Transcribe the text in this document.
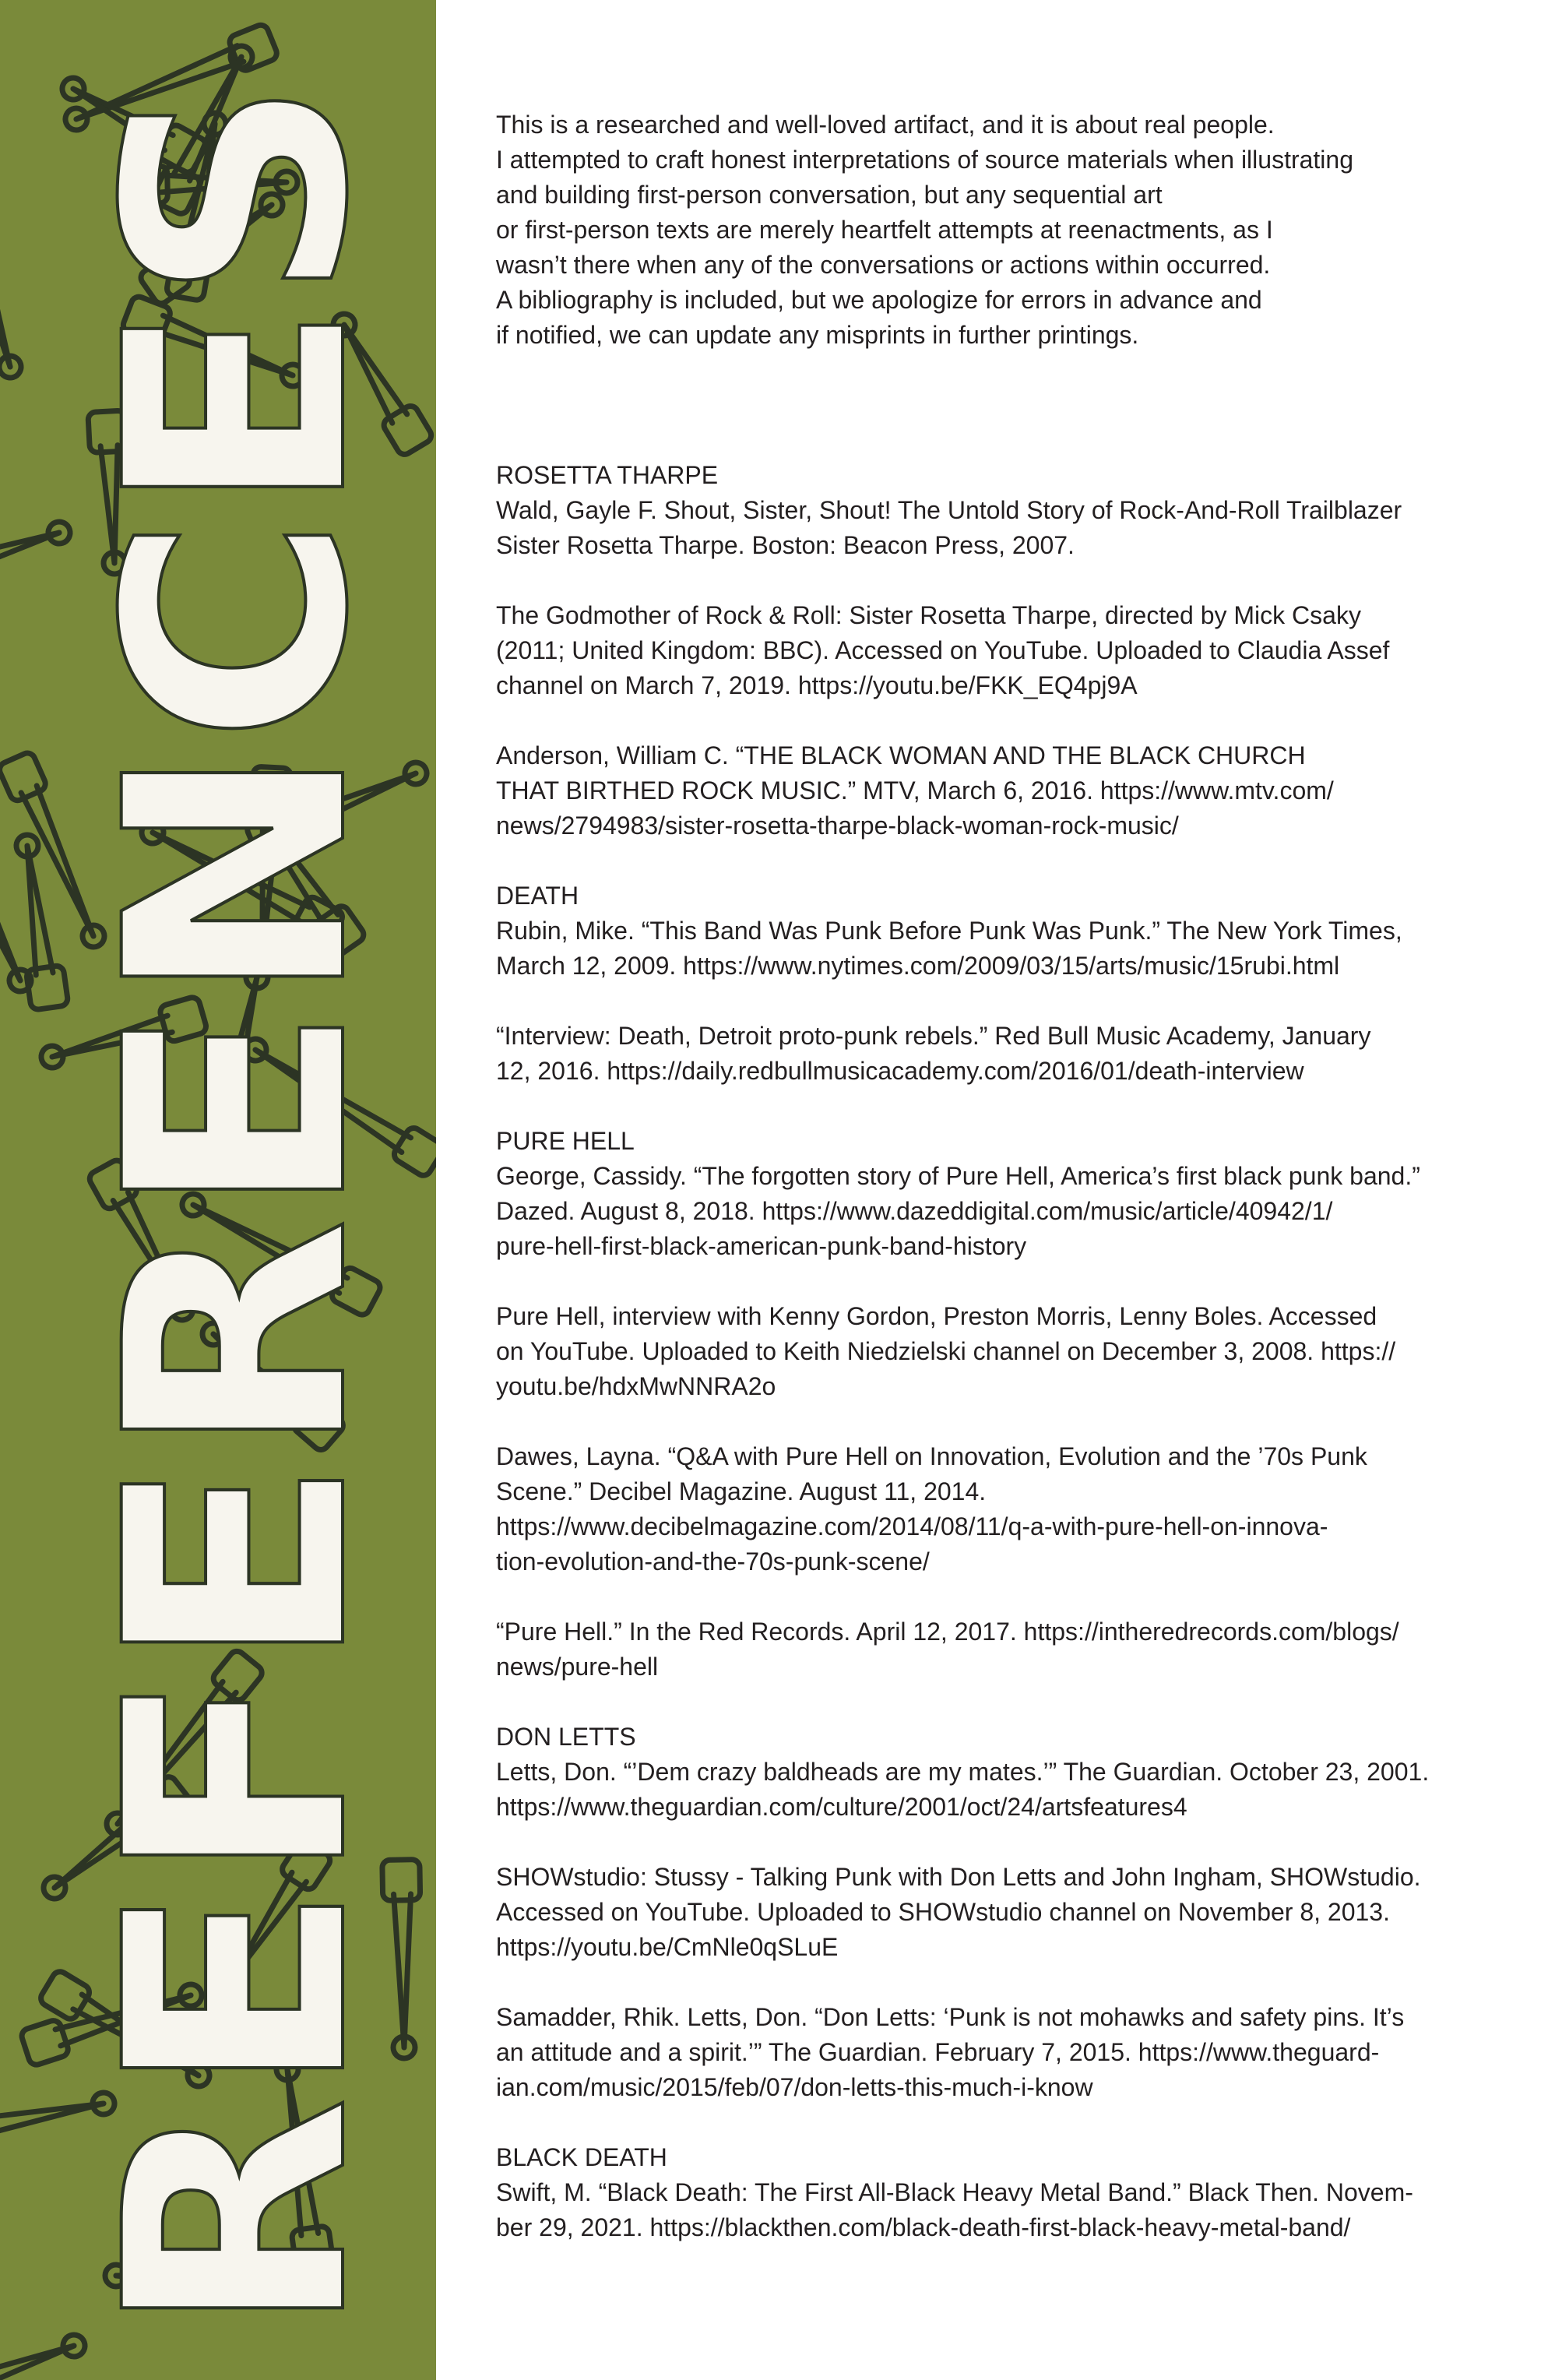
REFERENCES

This is a researched and well-loved artifact, and it is about real people.

I attempted to craft honest interpretations of source materials when illustrating

and building first-person conversation, but any sequential art

or first-person texts are merely heartfelt attempts at reenactments, as I

wasn’t there when any of the conversations or actions within occurred.

A bibliography is included, but we apologize for errors in advance and

if notified, we can update any misprints in further printings.

ROSETTA THARPE
Wald, Gayle F. Shout, Sister, Shout! The Untold Story of Rock-And-Roll Trailblazer
Sister Rosetta Tharpe. Boston: Beacon Press, 2007.
The Godmother of Rock & Roll: Sister Rosetta Tharpe, directed by Mick Csaky
(2011; United Kingdom: BBC). Accessed on YouTube. Uploaded to Claudia Assef
channel on March 7, 2019. https://youtu.be/FKK_EQ4pj9A
Anderson, William C. “THE BLACK WOMAN AND THE BLACK CHURCH
THAT BIRTHED ROCK MUSIC.” MTV, March 6, 2016. https://www.mtv.com/
news/2794983/sister-rosetta-tharpe-black-woman-rock-music/
DEATH
Rubin, Mike. “This Band Was Punk Before Punk Was Punk.” The New York Times,
March 12, 2009. https://www.nytimes.com/2009/03/15/arts/music/15rubi.html
“Interview: Death, Detroit proto-punk rebels.” Red Bull Music Academy, January
12, 2016. https://daily.redbullmusicacademy.com/2016/01/death-interview
PURE HELL
George, Cassidy. “The forgotten story of Pure Hell, America’s first black punk band.”
Dazed. August 8, 2018. https://www.dazeddigital.com/music/article/40942/1/
pure-hell-first-black-american-punk-band-history
Pure Hell, interview with Kenny Gordon, Preston Morris, Lenny Boles. Accessed
on YouTube. Uploaded to Keith Niedzielski channel on December 3, 2008. https://
youtu.be/hdxMwNNRA2o
Dawes, Layna. “Q&A with Pure Hell on Innovation, Evolution and the ’70s Punk
Scene.” Decibel Magazine. August 11, 2014.
https://www.decibelmagazine.com/2014/08/11/q-a-with-pure-hell-on-innova-
tion-evolution-and-the-70s-punk-scene/
“Pure Hell.” In the Red Records. April 12, 2017. https://intheredrecords.com/blogs/
news/pure-hell
DON LETTS
Letts, Don. “’Dem crazy baldheads are my mates.’” The Guardian. October 23, 2001.
https://www.theguardian.com/culture/2001/oct/24/artsfeatures4
SHOWstudio: Stussy - Talking Punk with Don Letts and John Ingham, SHOWstudio.
Accessed on YouTube. Uploaded to SHOWstudio channel on November 8, 2013.
https://youtu.be/CmNle0qSLuE
Samadder, Rhik. Letts, Don. “Don Letts: ‘Punk is not mohawks and safety pins. It’s
an attitude and a spirit.’” The Guardian. February 7, 2015. https://www.theguard-
ian.com/music/2015/feb/07/don-letts-this-much-i-know
BLACK DEATH
Swift, M. “Black Death: The First All-Black Heavy Metal Band.” Black Then. Novem-
ber 29, 2021. https://blackthen.com/black-death-first-black-heavy-metal-band/
